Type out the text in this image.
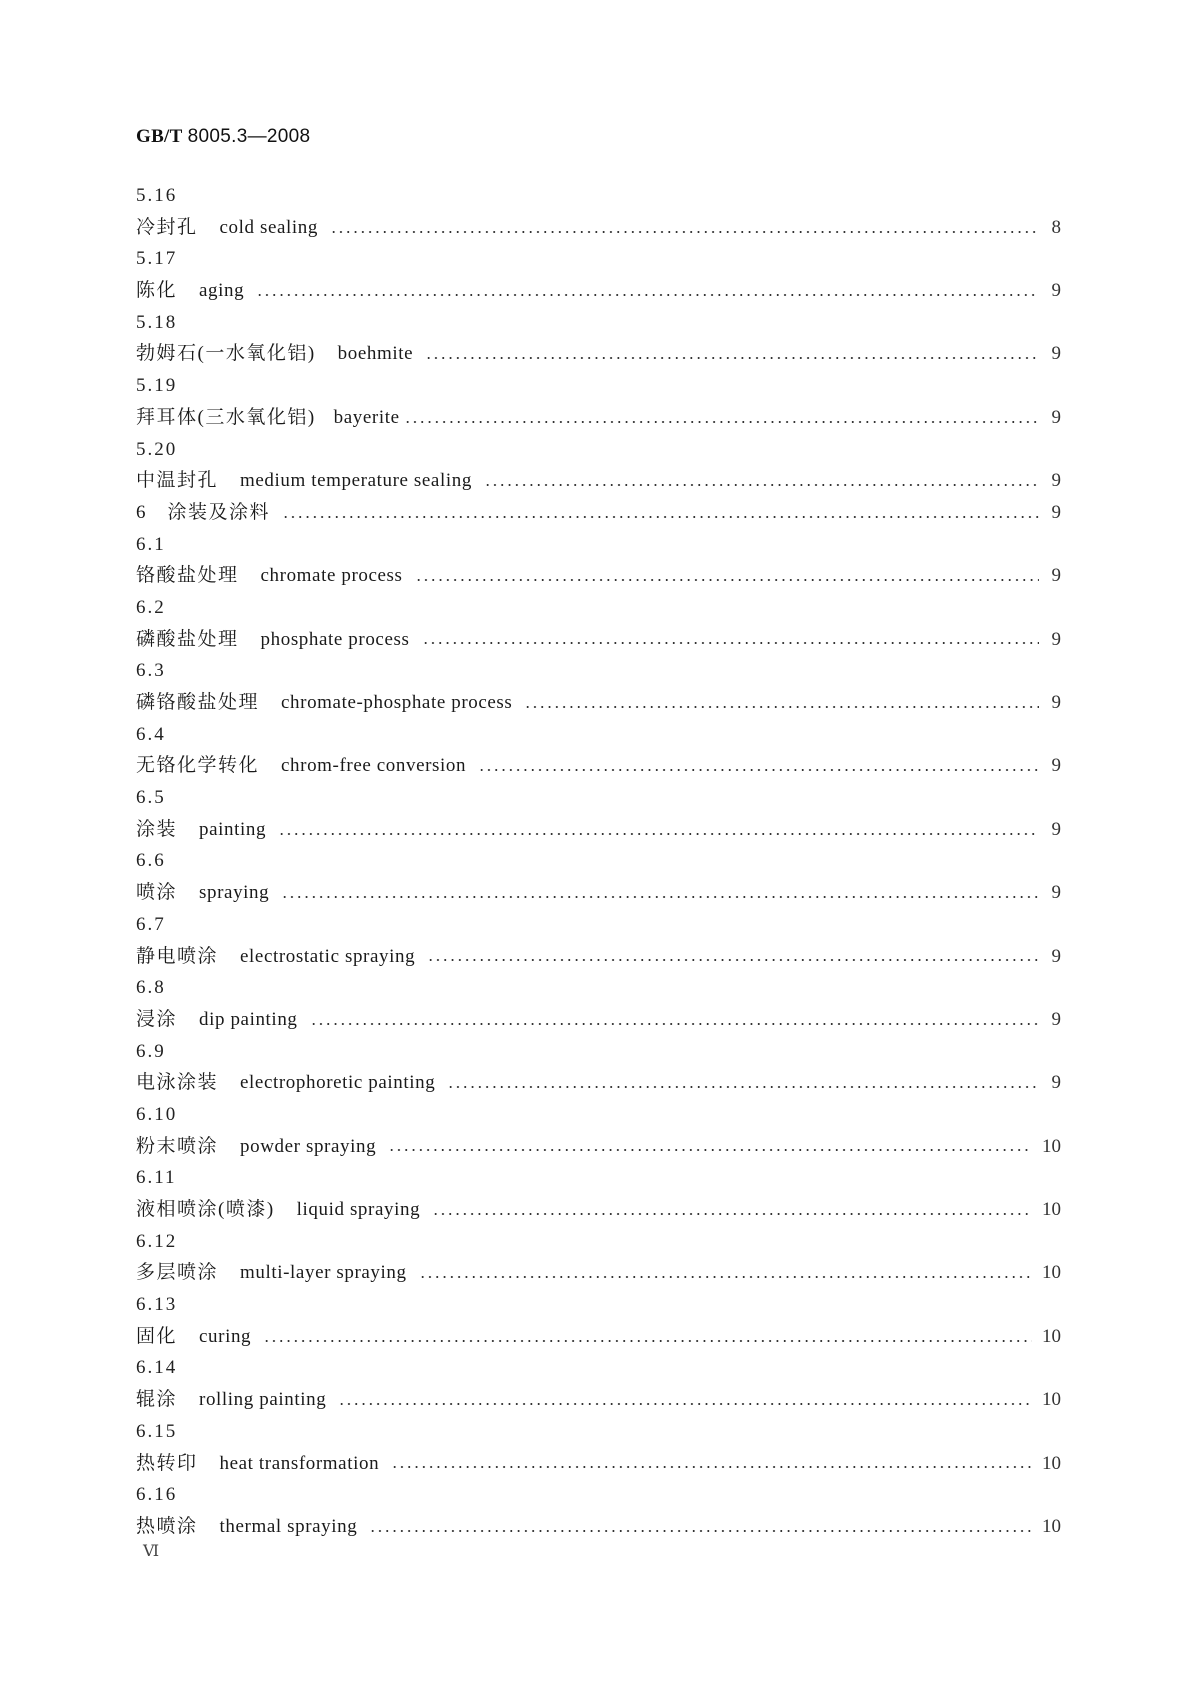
GB/T 8005.3—2008
5.16
冷封孔 cold sealing	8
5.17
陈化 aging	9
5.18
勃姆石(一水氧化铝) boehmite	9
5.19
拜耳体(三水氧化铝) bayerite	9
5.20
中温封孔 medium temperature sealing	9
6　涂装及涂料	9
6.1
铬酸盐处理 chromate process	9
6.2
磷酸盐处理 phosphate process	9
6.3
磷铬酸盐处理 chromate-phosphate process	9
6.4
无铬化学转化 chrom-free conversion	9
6.5
涂装 painting	9
6.6
喷涂 spraying	9
6.7
静电喷涂 electrostatic spraying	9
6.8
浸涂 dip painting	9
6.9
电泳涂装 electrophoretic painting	9
6.10
粉末喷涂 powder spraying	10
6.11
液相喷涂(喷漆) liquid spraying	10
6.12
多层喷涂 multi-layer spraying	10
6.13
固化 curing	10
6.14
辊涂 rolling painting	10
6.15
热转印 heat transformation	10
6.16
热喷涂 thermal spraying	10
Ⅵ
